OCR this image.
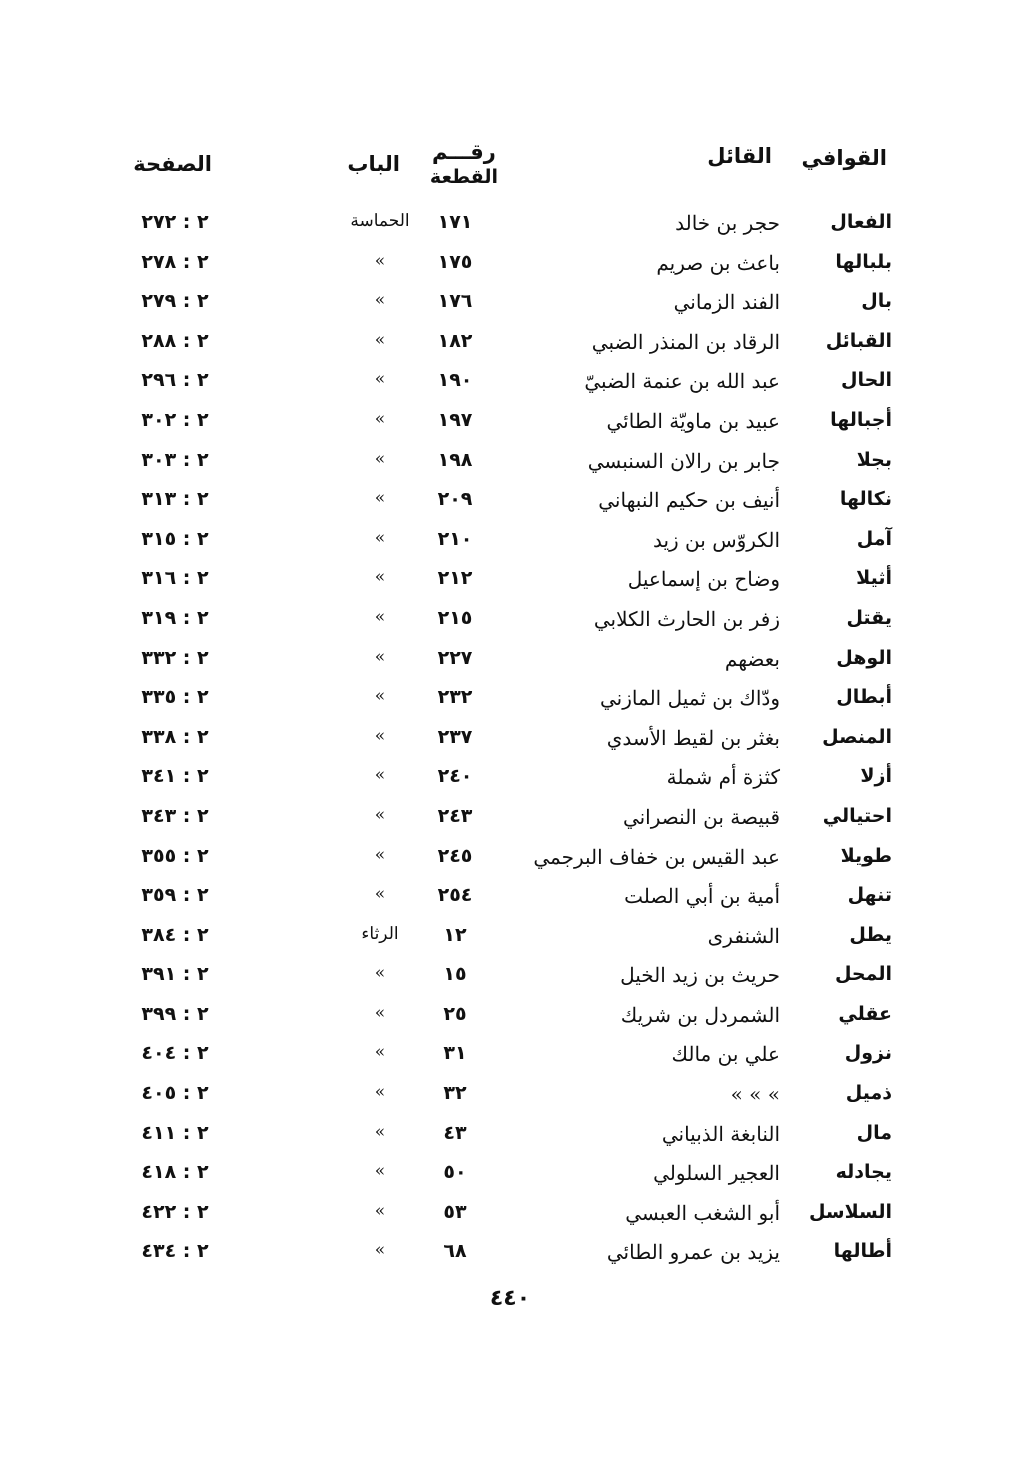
القوافي
القائل
رقـــم
القطعة
الباب
الصفحة
الفعال
حجر بن خالد
١٧١
الحماسة
٢ : ٢٧٢
بلبالها
باعث بن صريم
١٧٥
»
٢ : ٢٧٨
بال
الفند الزماني
١٧٦
»
٢ : ٢٧٩
القبائل
الرقاد بن المنذر الضبي
١٨٢
»
٢ : ٢٨٨
الحال
عبد الله بن عنمة الضبيّ
١٩٠
»
٢ : ٢٩٦
أجبالها
عبيد بن ماويّة الطائي
١٩٧
»
٢ : ٣٠٢
بجلا
جابر بن رالان السنبسي
١٩٨
»
٢ : ٣٠٣
نكالها
أنيف بن حكيم النبهاني
٢٠٩
»
٢ : ٣١٣
آمل
الكروّس بن زيد
٢١٠
»
٢ : ٣١٥
أثيلا
وضاح بن إسماعيل
٢١٢
»
٢ : ٣١٦
يقتل
زفر بن الحارث الكلابي
٢١٥
»
٢ : ٣١٩
الوهل
بعضهم
٢٢٧
»
٢ : ٣٣٢
أبطال
ودّاك بن ثميل المازني
٢٣٢
»
٢ : ٣٣٥
المنصل
بغثر بن لقيط الأسدي
٢٣٧
»
٢ : ٣٣٨
أزلا
كثزة أم شملة
٢٤٠
»
٢ : ٣٤١
احتيالي
قبيصة بن النصراني
٢٤٣
»
٢ : ٣٤٣
طويلا
عبد القيس بن خفاف البرجمي
٢٤٥
»
٢ : ٣٥٥
تنهل
أمية بن أبي الصلت
٢٥٤
»
٢ : ٣٥٩
يطل
الشنفرى
١٢
الرثاء
٢ : ٣٨٤
المحل
حريث بن زيد الخيل
١٥
»
٢ : ٣٩١
عقلي
الشمردل بن شريك
٢٥
»
٢ : ٣٩٩
نزول
علي بن مالك
٣١
»
٢ : ٤٠٤
ذميل
» » »
٣٢
»
٢ : ٤٠٥
مال
النابغة الذبياني
٤٣
»
٢ : ٤١١
يجادله
العجير السلولي
٥٠
»
٢ : ٤١٨
السلاسل
أبو الشغب العبسي
٥٣
»
٢ : ٤٢٢
أطالها
يزيد بن عمرو الطائي
٦٨
»
٢ : ٤٣٤
٤٤٠
